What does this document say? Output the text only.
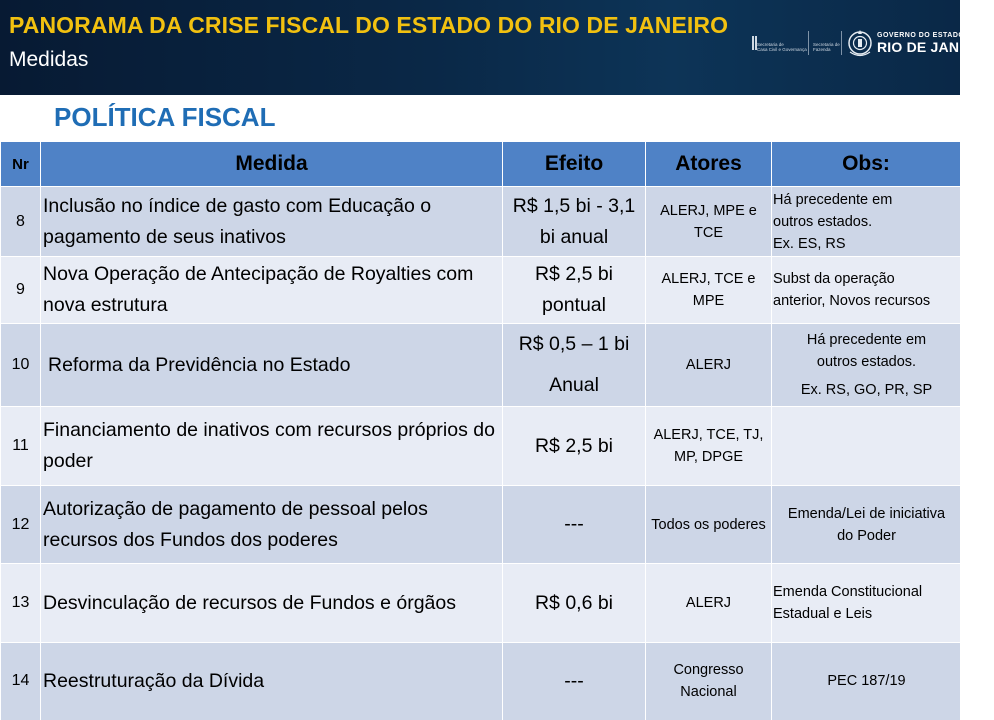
PANORAMA DA CRISE FISCAL DO ESTADO DO RIO DE JANEIRO
Medidas
Secretaria de
Casa Civil e Governança
Secretaria de
Fazenda
GOVERNO DO ESTADO
RIO DE JANEIRO
POLÍTICA FISCAL
Nr	Medida	Efeito	Atores	Obs:
8	Inclusão no índice de gasto com Educação o pagamento de seus inativos	R$ 1,5 bi - 3,1 bi anual	ALERJ, MPE e TCE	Há precedente em
outros estados.
Ex. ES, RS

9	Nova Operação de Antecipação de Royalties com nova estrutura	R$ 2,5 bi pontual	ALERJ, TCE e MPE	Subst da operação
anterior, Novos recursos

10	Reforma da Previdência no Estado	R$ 0,5 – 1 bi Anual	ALERJ	Há precedente em
outros estados.
Ex. RS, GO, PR, SP

11	Financiamento de inativos com recursos próprios do poder	R$ 2,5 bi	ALERJ, TCE, TJ, MP, DPGE	
12	Autorização de pagamento de pessoal pelos recursos dos Fundos dos poderes	---	Todos os poderes	Emenda/Lei de iniciativa
do Poder

13	Desvinculação de recursos de Fundos e órgãos	R$ 0,6 bi	ALERJ	Emenda Constitucional
Estadual e Leis

14	Reestruturação da Dívida	---	Congresso Nacional	PEC 187/19
